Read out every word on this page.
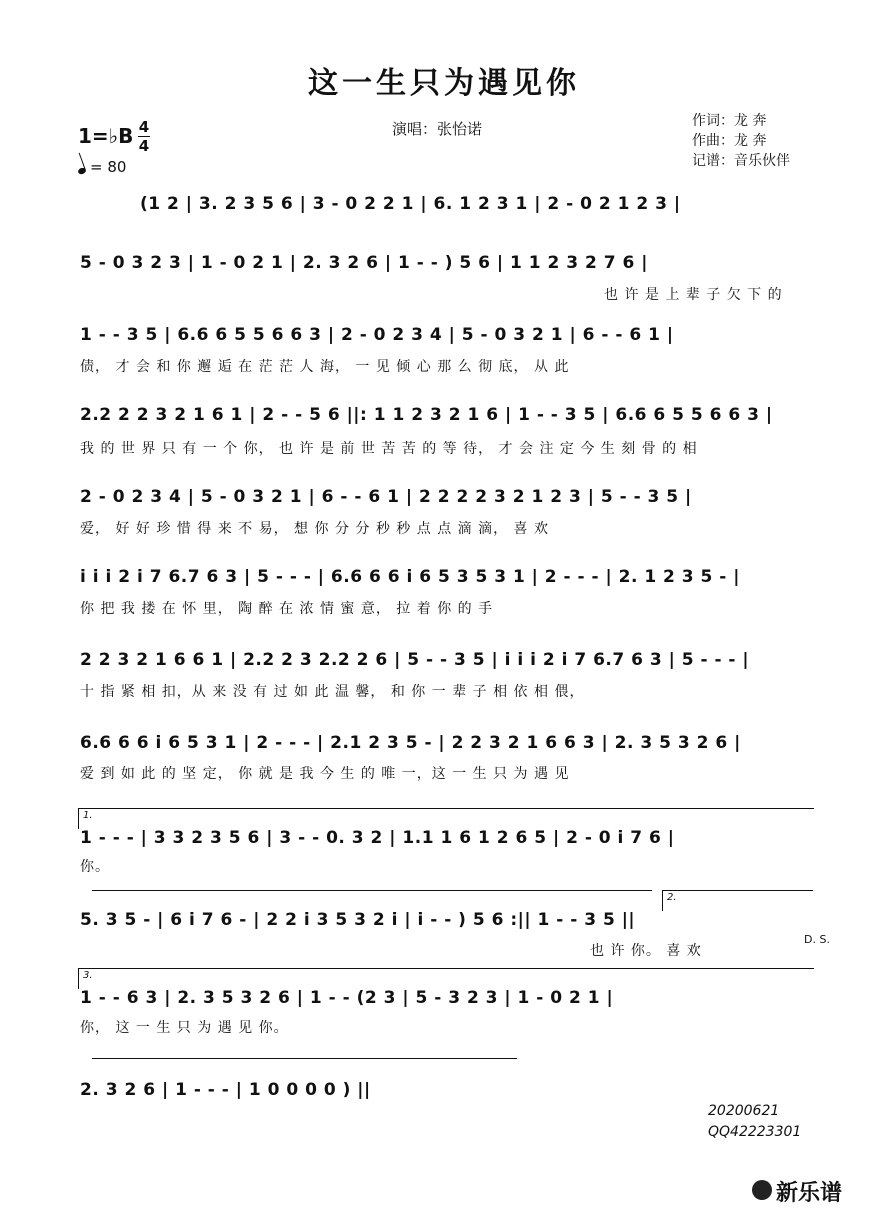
这一生只为遇见你
1=♭B 4
4
= 80
演唱：张怡诺	作词：龙 奔
作曲：龙 奔
记谱：音乐伙伴
(1 2 | 3. 2 3 5 6 | 3 - 0 2 2 1 | 6. 1 2 3 1 | 2 - 0 2 1 2 3 |
5 - 0 3 2 3 | 1 - 0 2 1 | 2. 3 2 6 | 1 - - ) 5 6 | 1 1 2 3 2 7 6 |
也 许 是 上 辈 子 欠 下 的
1 - - 3 5 | 6.6 6 5 5 6 6 3 | 2 - 0 2 3 4 | 5 - 0 3 2 1 | 6 - - 6 1 |
债， 才 会 和 你 邂 逅 在 茫 茫 人 海， 一 见 倾 心 那 么 彻 底， 从 此
2.2 2 2 3 2 1 6 1 | 2 - - 5 6 ||: 1 1 2 3 2 1 6 | 1 - - 3 5 | 6.6 6 5 5 6 6 3 |
我 的 世 界 只 有 一 个 你， 也 许 是 前 世 苦 苦 的 等 待， 才 会 注 定 今 生 刻 骨 的 相
2 - 0 2 3 4 | 5 - 0 3 2 1 | 6 - - 6 1 | 2 2 2 2 3 2 1 2 3 | 5 - - 3 5 |
爱， 好 好 珍 惜 得 来 不 易， 想 你 分 分 秒 秒 点 点 滴 滴， 喜 欢
i i i 2 i 7 6.7 6 3 | 5 - - - | 6.6 6 6 i 6 5 3 5 3 1 | 2 - - - | 2. 1 2 3 5 - |
你 把 我 搂 在 怀 里， 陶 醉 在 浓 情 蜜 意， 拉 着 你 的 手
2 2 3 2 1 6 6 1 | 2.2 2 3 2.2 2 6 | 5 - - 3 5 | i i i 2 i 7 6.7 6 3 | 5 - - - |
十 指 紧 相 扣，从 来 没 有 过 如 此 温 馨， 和 你 一 辈 子 相 依 相 偎，
6.6 6 6 i 6 5 3 1 | 2 - - - | 2.1 2 3 5 - | 2 2 3 2 1 6 6 3 | 2. 3 5 3 2 6 |
爱 到 如 此 的 坚 定， 你 就 是 我 今 生 的 唯 一，这 一 生 只 为 遇 见
1.
1 - - - | 3 3 2 3 5 6 | 3 - - 0. 3 2 | 1.1 1 6 1 2 6 5 | 2 - 0 i 7 6 |
你。
2.
5. 3 5 - | 6 i 7 6 - | 2 2 i 3 5 3 2 i | i - - ) 5 6 :|| 1 - - 3 5 ||
也 许 你。 喜 欢
D. S.
3.
1 - - 6 3 | 2. 3 5 3 2 6 | 1 - - (2 3 | 5 - 3 2 3 | 1 - 0 2 1 |
你， 这 一 生 只 为 遇 见 你。
2. 3 2 6 | 1 - - - | 1 0 0 0 0 ) ||
20200621
QQ42223301
新乐谱
